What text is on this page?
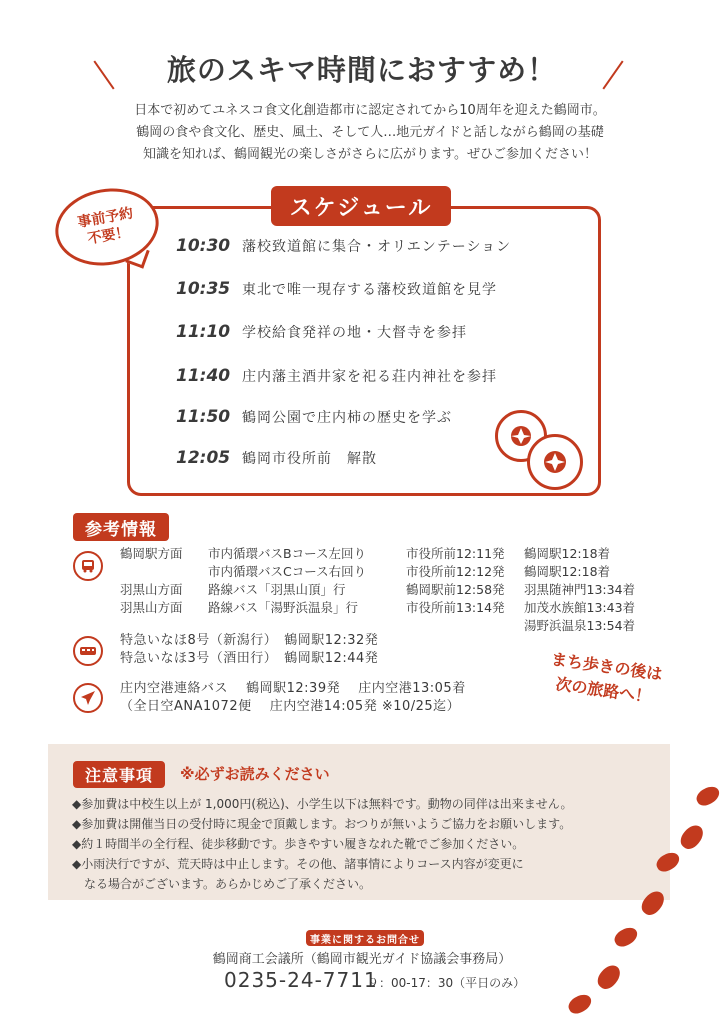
旅のスキマ時間におすすめ！
日本で初めてユネスコ食文化創造都市に認定されてから10周年を迎えた鶴岡市。
鶴岡の食や食文化、歴史、風土、そして人…地元ガイドと話しながら鶴岡の基礎
知識を知れば、鶴岡観光の楽しさがさらに広がります。ぜひご参加ください！
スケジュール
事前予約
不要！	10:30 藩校致道館に集合・オリエンテーション
10:35 東北で唯一現存する藩校致道館を見学
11:10 学校給食発祥の地・大督寺を参拝
11:40 庄内藩主酒井家を祀る荘内神社を参拝
11:50 鶴岡公園で庄内柿の歴史を学ぶ
12:05 鶴岡市役所前　解散
参考情報
鶴岡駅方面	市内循環バスBコース左回り	市役所前12:11発	鶴岡駅12:18着
	市内循環バスCコース右回り	市役所前12:12発	鶴岡駅12:18着
羽黒山方面	路線バス「羽黒山頂」行	鶴岡駅前12:58発	羽黒随神門13:34着
羽黒山方面	路線バス「湯野浜温泉」行	市役所前13:14発	加茂水族館13:43着
			湯野浜温泉13:54着
特急いなほ8号（新潟行）　鶴岡駅12:32発
特急いなほ3号（酒田行）　鶴岡駅12:44発
庄内空港連絡バス　 鶴岡駅12:39発　 庄内空港13:05着
（全日空ANA1072便　 庄内空港14:05発 ※10/25迄）
まち歩きの後は
次の旅路へ！
注意事項	※必ずお読みください
◆参加費は中校生以上が 1,000円(税込)、小学生以下は無料です。動物の同伴は出来ません。
◆参加費は開催当日の受付時に現金で頂戴します。おつりが無いようご協力をお願いします。
◆約１時間半の全行程、徒歩移動です。歩きやすい履きなれた靴でご参加ください。
◆小雨決行ですが、荒天時は中止します。その他、諸事情によりコース内容が変更に
　なる場合がございます。あらかじめご了承ください。
事業に関するお問合せ
鶴岡商工会議所（鶴岡市観光ガイド協議会事務局）
0235-24-7711
９：00-17：30（平日のみ）
